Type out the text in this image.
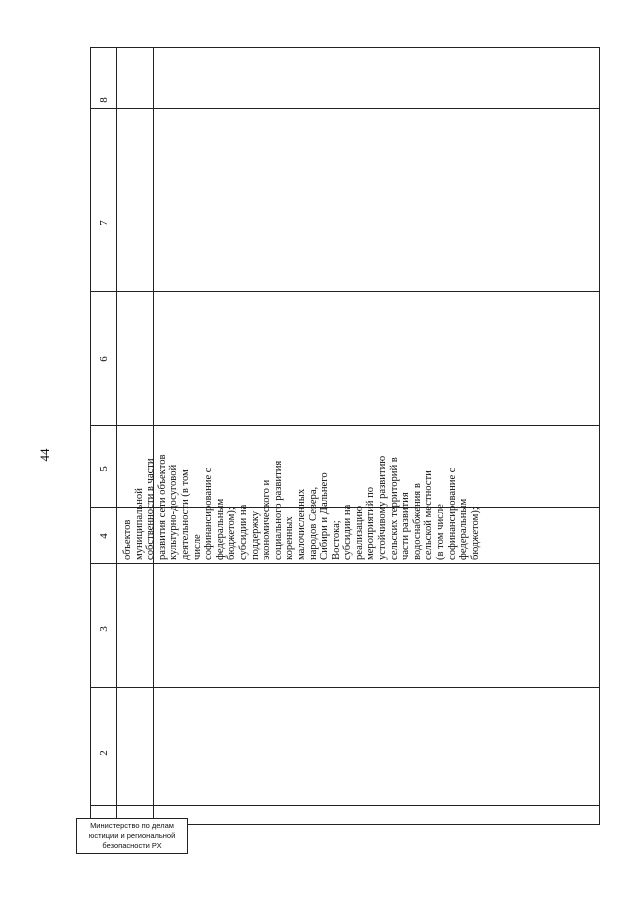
44
8
7
6
5
4
3
2
объектов муниципальной собственности в части развития сети объектов культурно-досуговой деятельности (в том числе софинансирование с федеральным бюджетом); субсидии на поддержку экономического и социального развития коренных малочисленных народов Севера, Сибири и Дальнего Востока; субсидии на реализацию мероприятий по устойчивому развитию сельских территорий в части развития водоснабжения в сельской местности (в том числе софинансирование с федеральным бюджетом);
Министерство по делам
юстиции и региональной
безопасности РХ
